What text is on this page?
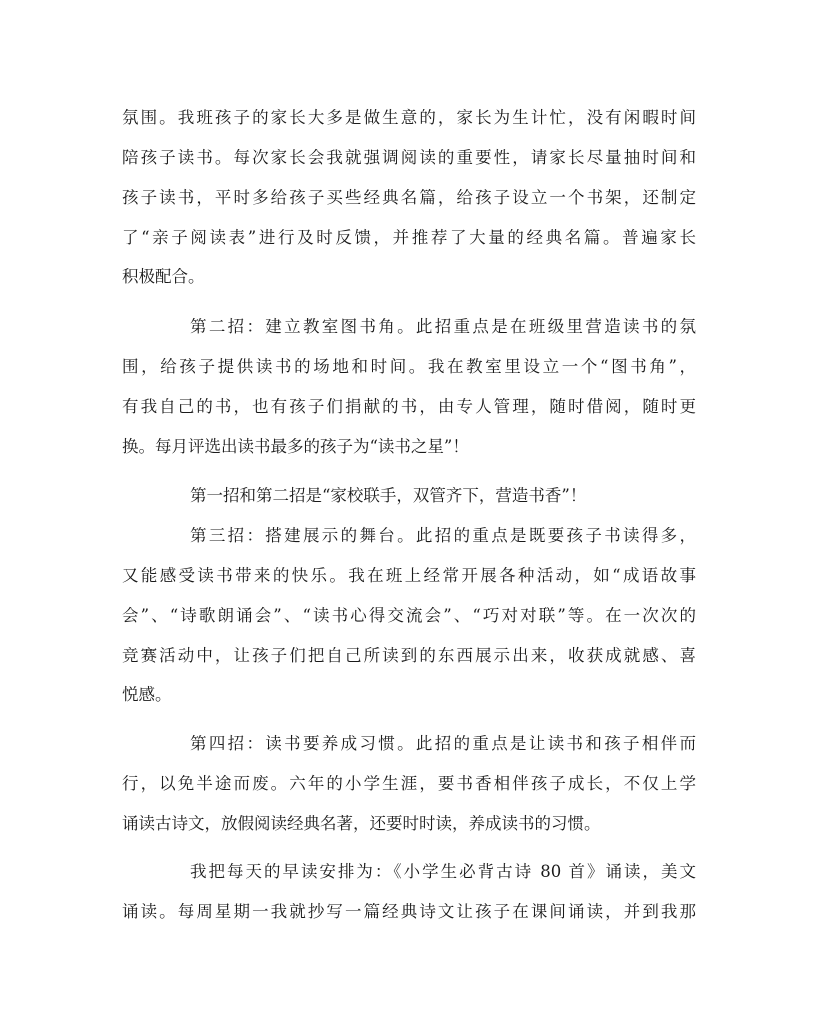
氛围。我班孩子的家长大多是做生意的，家长为生计忙，没有闲暇时间
陪孩子读书。每次家长会我就强调阅读的重要性，请家长尽量抽时间和
孩子读书，平时多给孩子买些经典名篇，给孩子设立一个书架，还制定
了“亲子阅读表”进行及时反馈，并推荐了大量的经典名篇。普遍家长
积极配合。
第二招：建立教室图书角。此招重点是在班级里营造读书的氛
围，给孩子提供读书的场地和时间。我在教室里设立一个“图书角”，
有我自己的书，也有孩子们捐献的书，由专人管理，随时借阅，随时更
换。每月评选出读书最多的孩子为“读书之星”！
第一招和第二招是“家校联手，双管齐下，营造书香”！
第三招：搭建展示的舞台。此招的重点是既要孩子书读得多，
又能感受读书带来的快乐。我在班上经常开展各种活动，如“成语故事
会”、“诗歌朗诵会”、“读书心得交流会”、“巧对对联”等。在一次次的
竞赛活动中，让孩子们把自己所读到的东西展示出来，收获成就感、喜
悦感。
第四招：读书要养成习惯。此招的重点是让读书和孩子相伴而
行，以免半途而废。六年的小学生涯，要书香相伴孩子成长，不仅上学
诵读古诗文，放假阅读经典名著，还要时时读，养成读书的习惯。
我把每天的早读安排为：《小学生必背古诗 80 首》诵读，美文
诵读。每周星期一我就抄写一篇经典诗文让孩子在课间诵读，并到我那
